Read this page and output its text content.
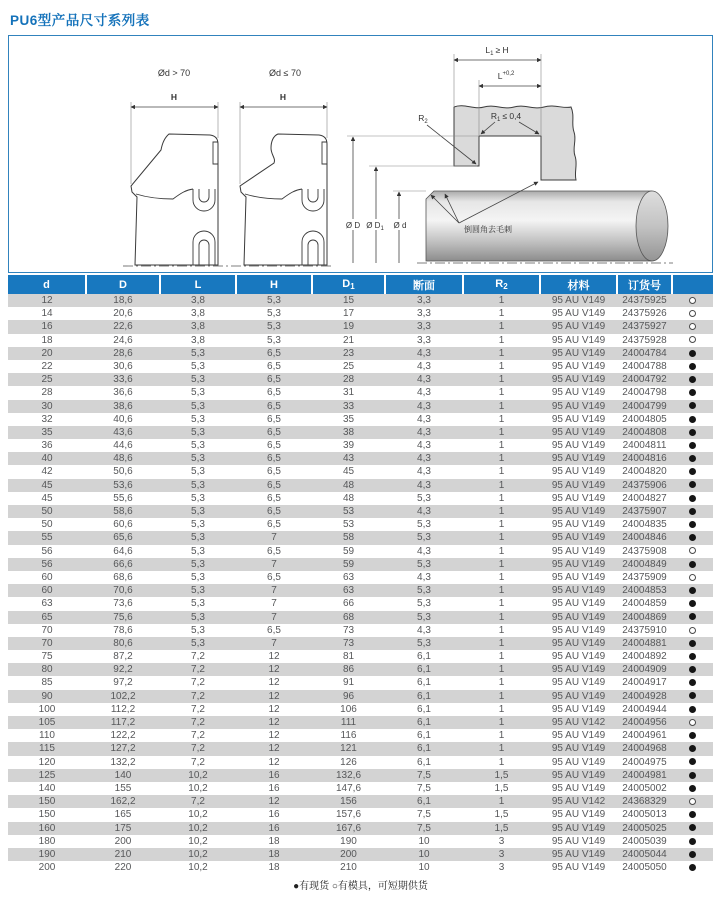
PU6型产品尺寸系列表
Ød > 70	Ød ≤ 70
H	H
$L_1 \ge H$
$L^{+0,2}$
$R_1 \le 0,4$
$R_2$
Ø D Ø $D_1$ Ø d	倒圆角去毛刺
d	D	L	H	D1	断面	R2	材料	订货号	
12	18,6	3,8	5,3	15	3,3	1	95 AU V149	24375925	
14	20,6	3,8	5,3	17	3,3	1	95 AU V149	24375926	
16	22,6	3,8	5,3	19	3,3	1	95 AU V149	24375927	
18	24,6	3,8	5,3	21	3,3	1	95 AU V149	24375928	
20	28,6	5,3	6,5	23	4,3	1	95 AU V149	24004784	
22	30,6	5,3	6,5	25	4,3	1	95 AU V149	24004788	
25	33,6	5,3	6,5	28	4,3	1	95 AU V149	24004792	
28	36,6	5,3	6,5	31	4,3	1	95 AU V149	24004798	
30	38,6	5,3	6,5	33	4,3	1	95 AU V149	24004799	
32	40,6	5,3	6,5	35	4,3	1	95 AU V149	24004805	
35	43,6	5,3	6,5	38	4,3	1	95 AU V149	24004808	
36	44,6	5,3	6,5	39	4,3	1	95 AU V149	24004811	
40	48,6	5,3	6,5	43	4,3	1	95 AU V149	24004816	
42	50,6	5,3	6,5	45	4,3	1	95 AU V149	24004820	
45	53,6	5,3	6,5	48	4,3	1	95 AU V149	24375906	
45	55,6	5,3	6,5	48	5,3	1	95 AU V149	24004827	
50	58,6	5,3	6,5	53	4,3	1	95 AU V149	24375907	
50	60,6	5,3	6,5	53	5,3	1	95 AU V149	24004835	
55	65,6	5,3	7	58	5,3	1	95 AU V149	24004846	
56	64,6	5,3	6,5	59	4,3	1	95 AU V149	24375908	
56	66,6	5,3	7	59	5,3	1	95 AU V149	24004849	
60	68,6	5,3	6,5	63	4,3	1	95 AU V149	24375909	
60	70,6	5,3	7	63	5,3	1	95 AU V149	24004853	
63	73,6	5,3	7	66	5,3	1	95 AU V149	24004859	
65	75,6	5,3	7	68	5,3	1	95 AU V149	24004869	
70	78,6	5,3	6,5	73	4,3	1	95 AU V149	24375910	
70	80,6	5,3	7	73	5,3	1	95 AU V149	24004881	
75	87,2	7,2	12	81	6,1	1	95 AU V149	24004892	
80	92,2	7,2	12	86	6,1	1	95 AU V149	24004909	
85	97,2	7,2	12	91	6,1	1	95 AU V149	24004917	
90	102,2	7,2	12	96	6,1	1	95 AU V149	24004928	
100	112,2	7,2	12	106	6,1	1	95 AU V149	24004944	
105	117,2	7,2	12	111	6,1	1	95 AU V142	24004956	
110	122,2	7,2	12	116	6,1	1	95 AU V149	24004961	
115	127,2	7,2	12	121	6,1	1	95 AU V149	24004968	
120	132,2	7,2	12	126	6,1	1	95 AU V149	24004975	
125	140	10,2	16	132,6	7,5	1,5	95 AU V149	24004981	
140	155	10,2	16	147,6	7,5	1,5	95 AU V149	24005002	
150	162,2	7,2	12	156	6,1	1	95 AU V142	24368329	
150	165	10,2	16	157,6	7,5	1,5	95 AU V149	24005013	
160	175	10,2	16	167,6	7,5	1,5	95 AU V149	24005025	
180	200	10,2	18	190	10	3	95 AU V149	24005039	
190	210	10,2	18	200	10	3	95 AU V149	24005044	
200	220	10,2	18	210	10	3	95 AU V149	24005050	
●有现货 ○有模具，可短期供货
